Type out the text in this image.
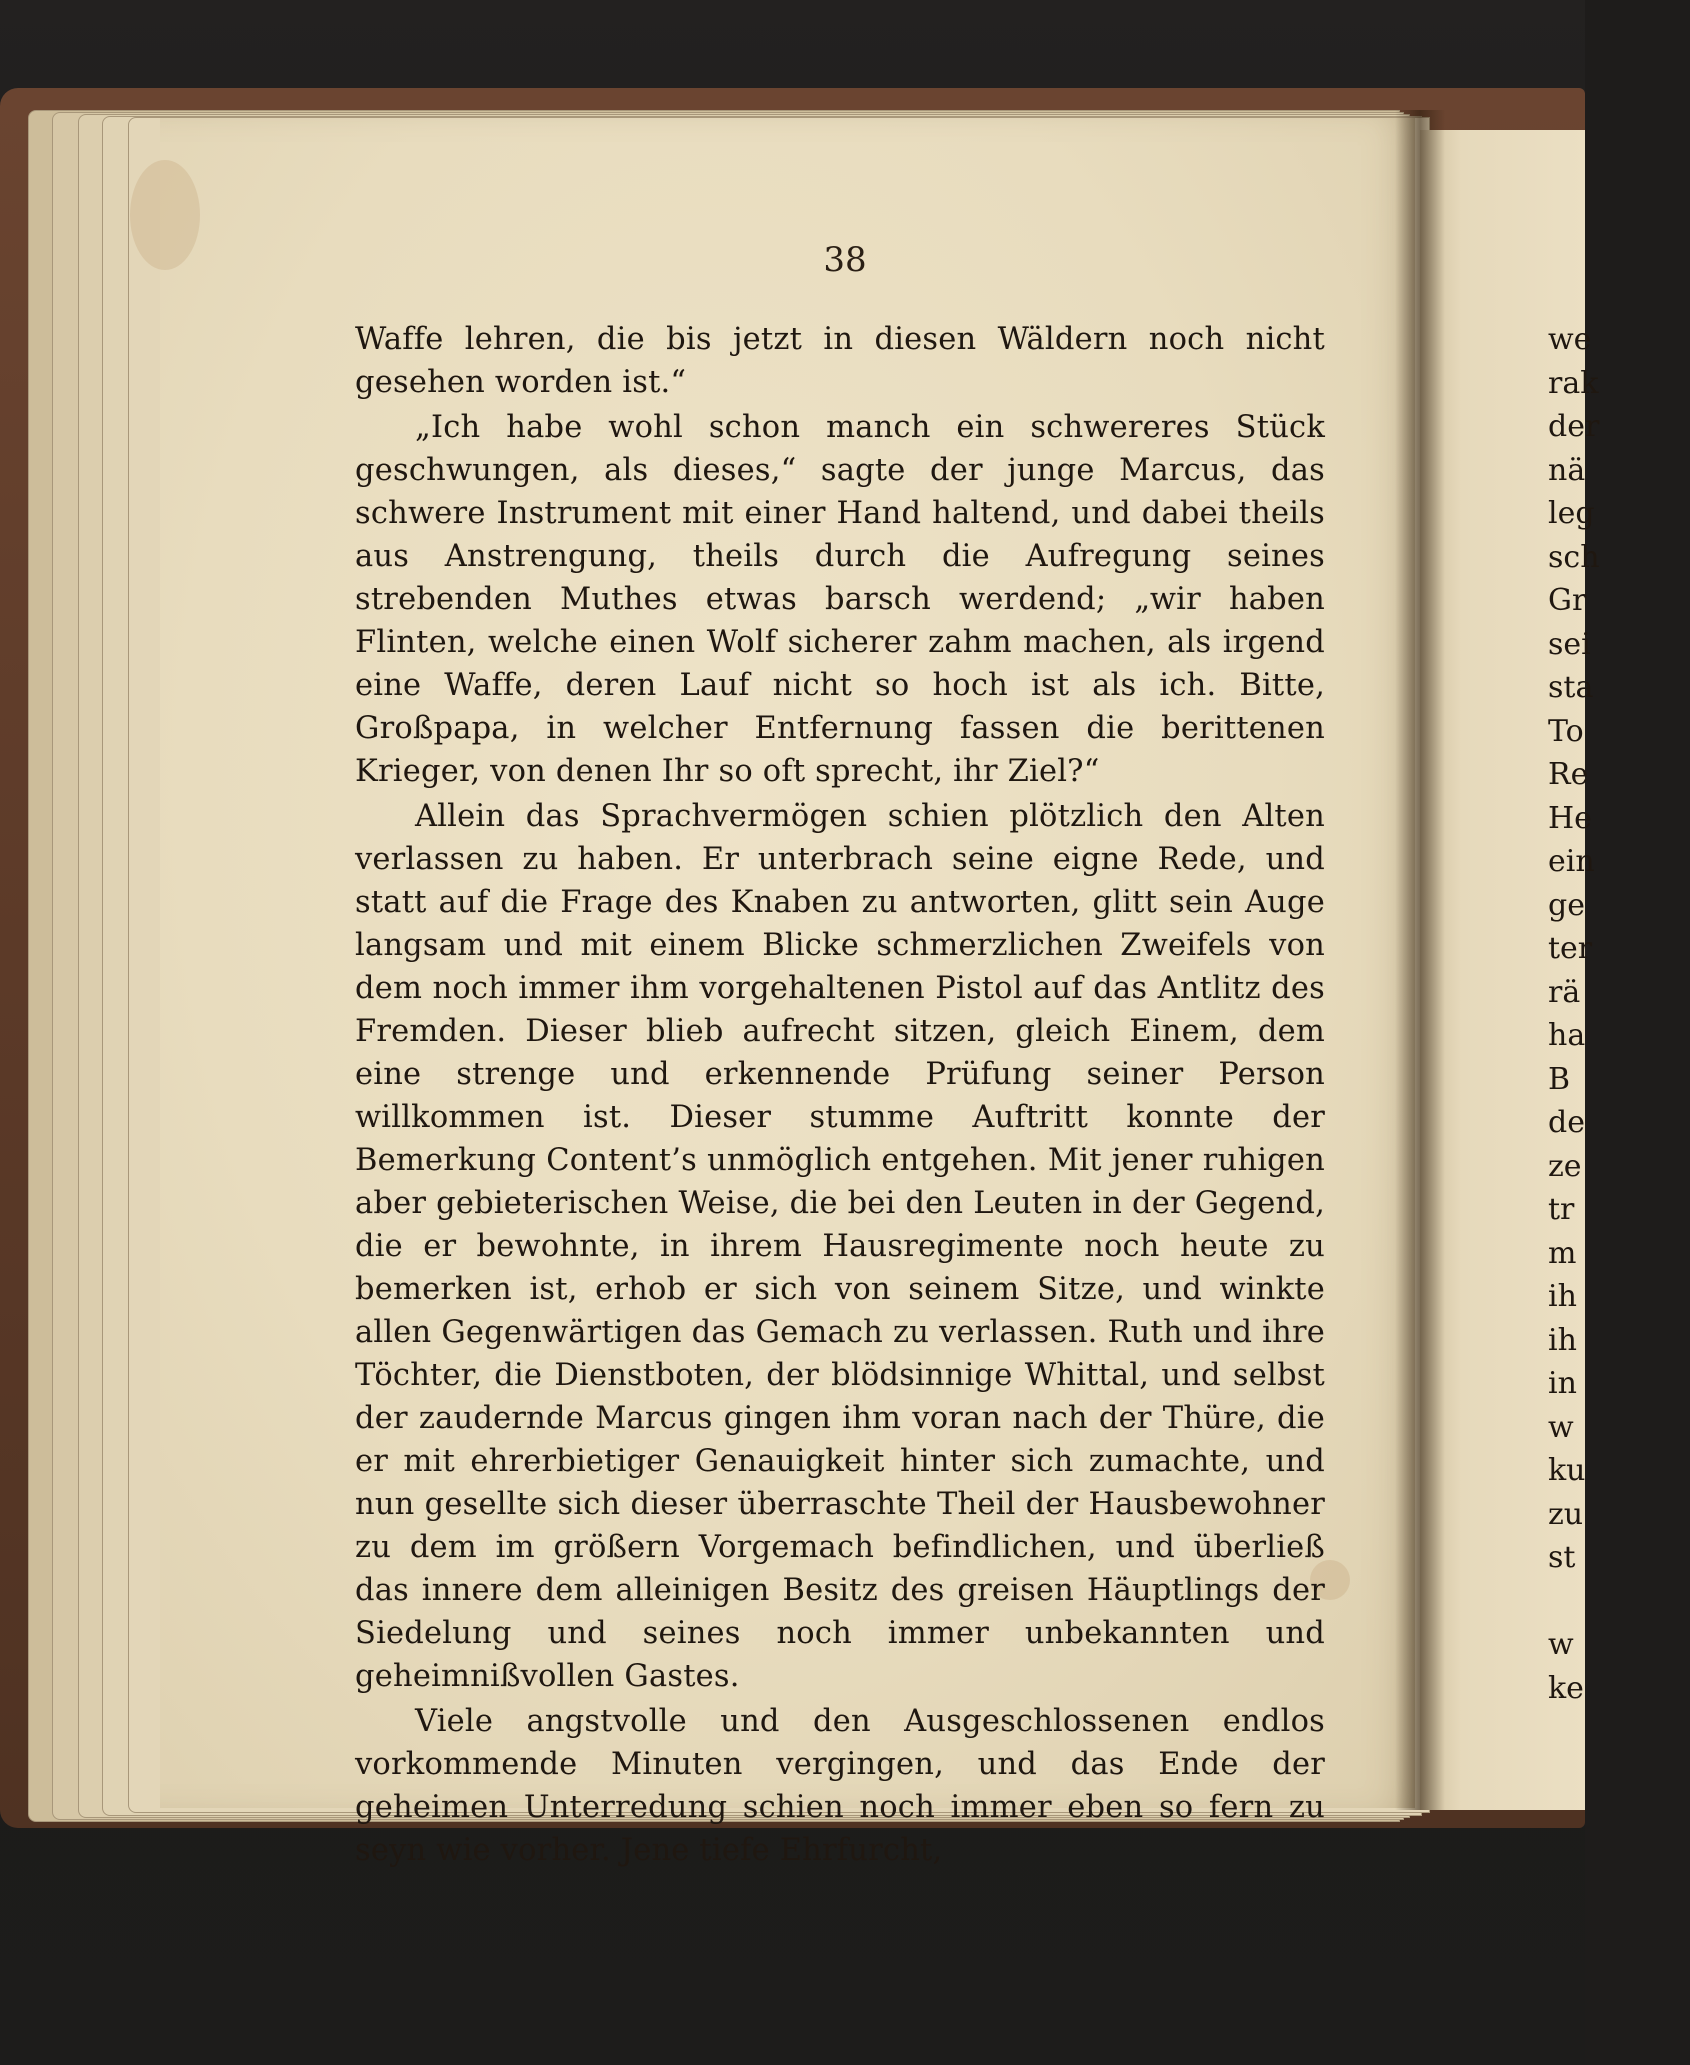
38

Waffe lehren, die bis jetzt in diesen Wäldern noch nicht gesehen worden ist.“

„Ich habe wohl schon manch ein schwereres Stück geschwungen, als dieses,“ sagte der junge Marcus, das schwere Instrument mit einer Hand haltend, und dabei theils aus Anstrengung, theils durch die Aufregung seines strebenden Muthes etwas barsch werdend; „wir haben Flinten, welche einen Wolf sicherer zahm machen, als irgend eine Waffe, deren Lauf nicht so hoch ist als ich. Bitte, Großpapa, in welcher Entfernung fassen die berittenen Krieger, von denen Ihr so oft sprecht, ihr Ziel?“

Allein das Sprachvermögen schien plötzlich den Alten verlassen zu haben. Er unterbrach seine eigne Rede, und statt auf die Frage des Knaben zu antworten, glitt sein Auge langsam und mit einem Blicke schmerzlichen Zweifels von dem noch immer ihm vorgehaltenen Pistol auf das Antlitz des Fremden. Dieser blieb aufrecht sitzen, gleich Einem, dem eine strenge und erkennende Prüfung seiner Person willkommen ist. Dieser stumme Auftritt konnte der Bemerkung Content’s unmöglich entgehen. Mit jener ruhigen aber gebieterischen Weise, die bei den Leuten in der Gegend, die er bewohnte, in ihrem Hausregimente noch heute zu bemerken ist, erhob er sich von seinem Sitze, und winkte allen Gegenwärtigen das Gemach zu verlassen. Ruth und ihre Töchter, die Dienstboten, der blödsinnige Whittal, und selbst der zaudernde Marcus gingen ihm voran nach der Thüre, die er mit ehrerbietiger Genauigkeit hinter sich zumachte, und nun gesellte sich dieser überraschte Theil der Hausbewohner zu dem im größern Vorgemach befindlichen, und überließ das innere dem alleinigen Besitz des greisen Häuptlings der Siedelung und seines noch immer unbekannten und geheimnißvollen Gastes.

Viele angstvolle und den Ausgeschlossenen endlos vorkommende Minuten vergingen, und das Ende der geheimen Unterredung schien noch immer eben so fern zu seyn wie vorher. Jene tiefe Ehrfurcht,

we
rak
der
nä
leg
sch
Gr
sei
sta
To
Re
He
ein
ge
ter
rä
ha
B
de
ze
tr
m
ih
ih
in
w
ku
zu
st
w
ke
